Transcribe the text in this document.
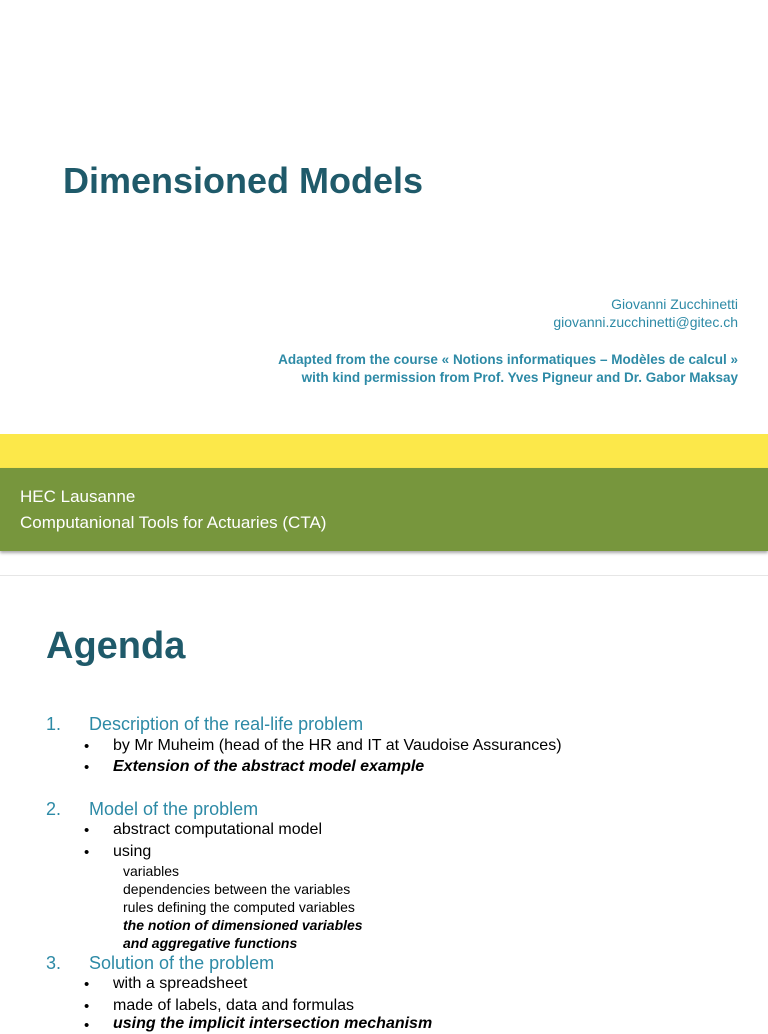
Dimensioned Models
Giovanni Zucchinetti
giovanni.zucchinetti@gitec.ch
Adapted from the course « Notions informatiques – Modèles de calcul »
with kind permission from Prof. Yves Pigneur and Dr. Gabor Maksay
HEC Lausanne
Computanional Tools for Actuaries (CTA)
Agenda
1. Description of the real-life problem
• by Mr Muheim (head of the HR and IT at Vaudoise Assurances)
• Extension of the abstract model example
2. Model of the problem
• abstract computational model
• using
variables
dependencies between the variables
rules defining the computed variables
the notion of dimensioned variables
and aggregative functions
3. Solution of the problem
• with a spreadsheet
• made of labels, data and formulas
• using the implicit intersection mechanism
